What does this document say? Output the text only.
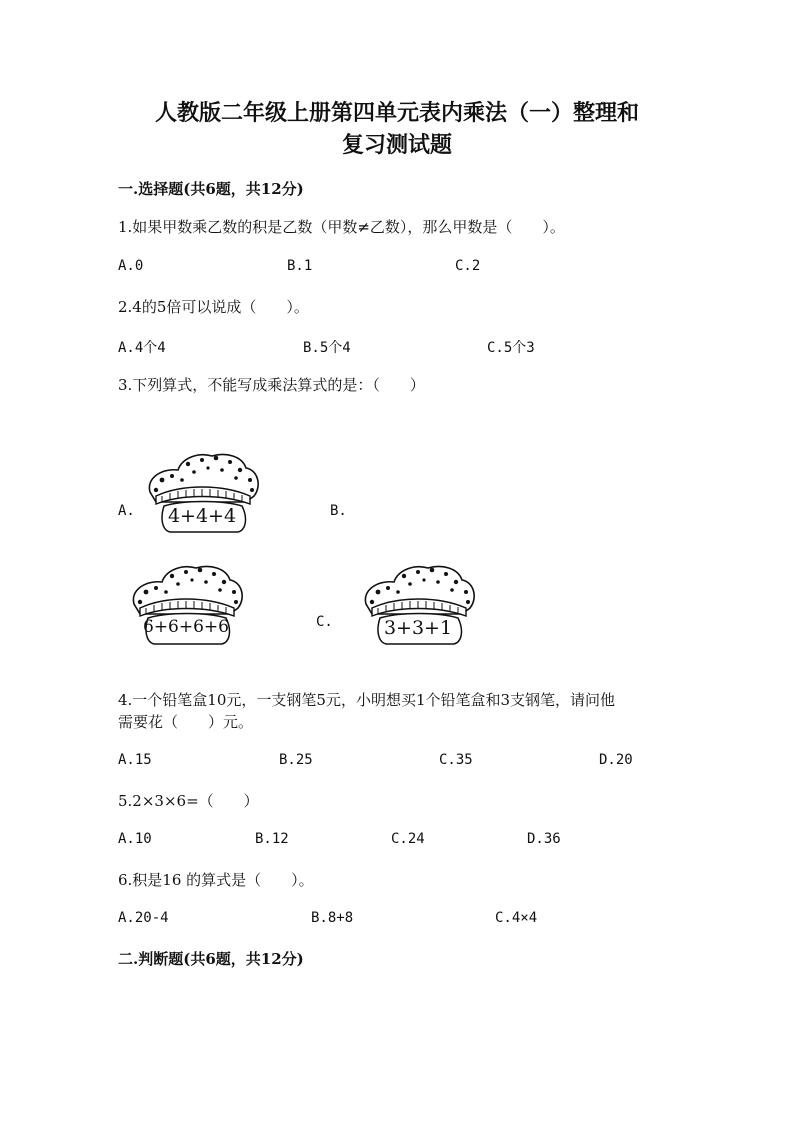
人教版二年级上册第四单元表内乘法（一）整理和
复习测试题
一.选择题(共6题，共12分)
1.如果甲数乘乙数的积是乙数（甲数≠乙数），那么甲数是（　　）。
A.0	B.1	C.2
2.4的5倍可以说成（　　）。
A.4个4	B.5个4	C.5个3
3.下列算式，不能写成乘法算式的是：（　　）
A.	B.
C.
4+4+4
6+6+6+6	3+3+1
4.一个铅笔盒10元，一支钢笔5元，小明想买1个铅笔盒和3支钢笔，请问他
需要花（　　）元。
A.15	B.25	C.35	D.20
5.2×3×6=（　　）
A.10	B.12	C.24	D.36
6.积是16 的算式是（　　）。
A.20-4	B.8+8	C.4×4
二.判断题(共6题，共12分)
